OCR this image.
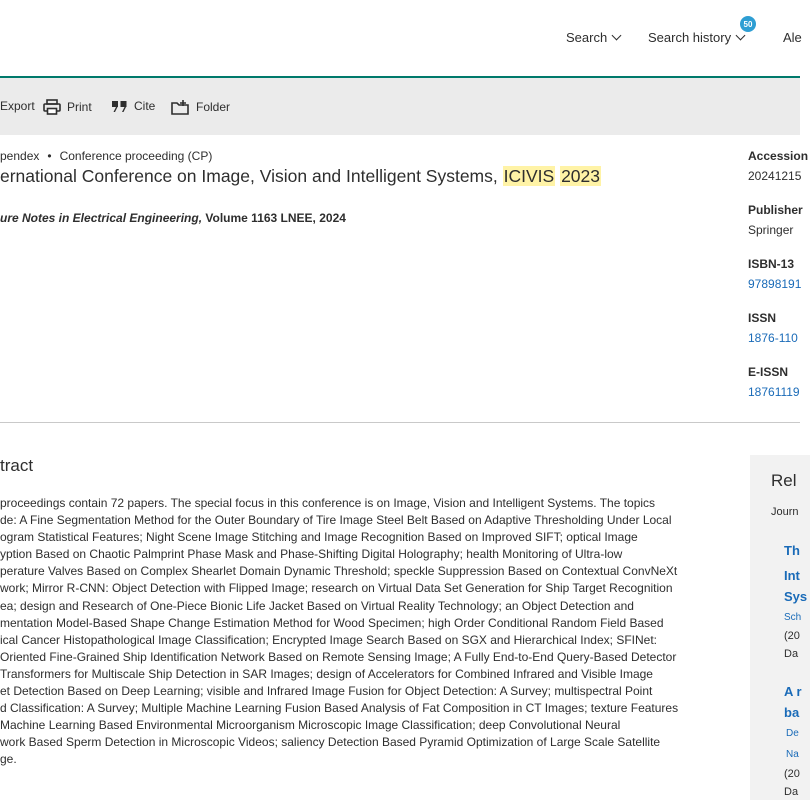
Search	Search history
50
Ale
Export	Print	Cite	Folder
pendex • Conference proceeding (CP)
ernational Conference on Image, Vision and Intelligent Systems, ICIVIS 2023
ure Notes in Electrical Engineering, Volume 1163 LNEE, 2024
Accession
20241215
Publisher
Springer
ISBN-13
97898191
ISSN
1876-110
E-ISSN
18761119
tract
proceedings contain 72 papers. The special focus in this conference is on Image, Vision and Intelligent Systems. The topics
de: A Fine Segmentation Method for the Outer Boundary of Tire Image Steel Belt Based on Adaptive Thresholding Under Local
ogram Statistical Features; Night Scene Image Stitching and Image Recognition Based on Improved SIFT; optical Image
yption Based on Chaotic Palmprint Phase Mask and Phase-Shifting Digital Holography; health Monitoring of Ultra-low
perature Valves Based on Complex Shearlet Domain Dynamic Threshold; speckle Suppression Based on Contextual ConvNeXt
work; Mirror R-CNN: Object Detection with Flipped Image; research on Virtual Data Set Generation for Ship Target Recognition
ea; design and Research of One-Piece Bionic Life Jacket Based on Virtual Reality Technology; an Object Detection and
mentation Model-Based Shape Change Estimation Method for Wood Specimen; high Order Conditional Random Field Based
ical Cancer Histopathological Image Classification; Encrypted Image Search Based on SGX and Hierarchical Index; SFINet:
Oriented Fine-Grained Ship Identification Network Based on Remote Sensing Image; A Fully End-to-End Query-Based Detector
Transformers for Multiscale Ship Detection in SAR Images; design of Accelerators for Combined Infrared and Visible Image
et Detection Based on Deep Learning; visible and Infrared Image Fusion for Object Detection: A Survey; multispectral Point
d Classification: A Survey; Multiple Machine Learning Fusion Based Analysis of Fat Composition in CT Images; texture Features
Machine Learning Based Environmental Microorganism Microscopic Image Classification; deep Convolutional Neural
work Based Sperm Detection in Microscopic Videos; saliency Detection Based Pyramid Optimization of Large Scale Satellite
ge.
Rel
Journ
Th
Int
Sys
Sch
(20
Da
A r
ba
De
Na
(20
Da
